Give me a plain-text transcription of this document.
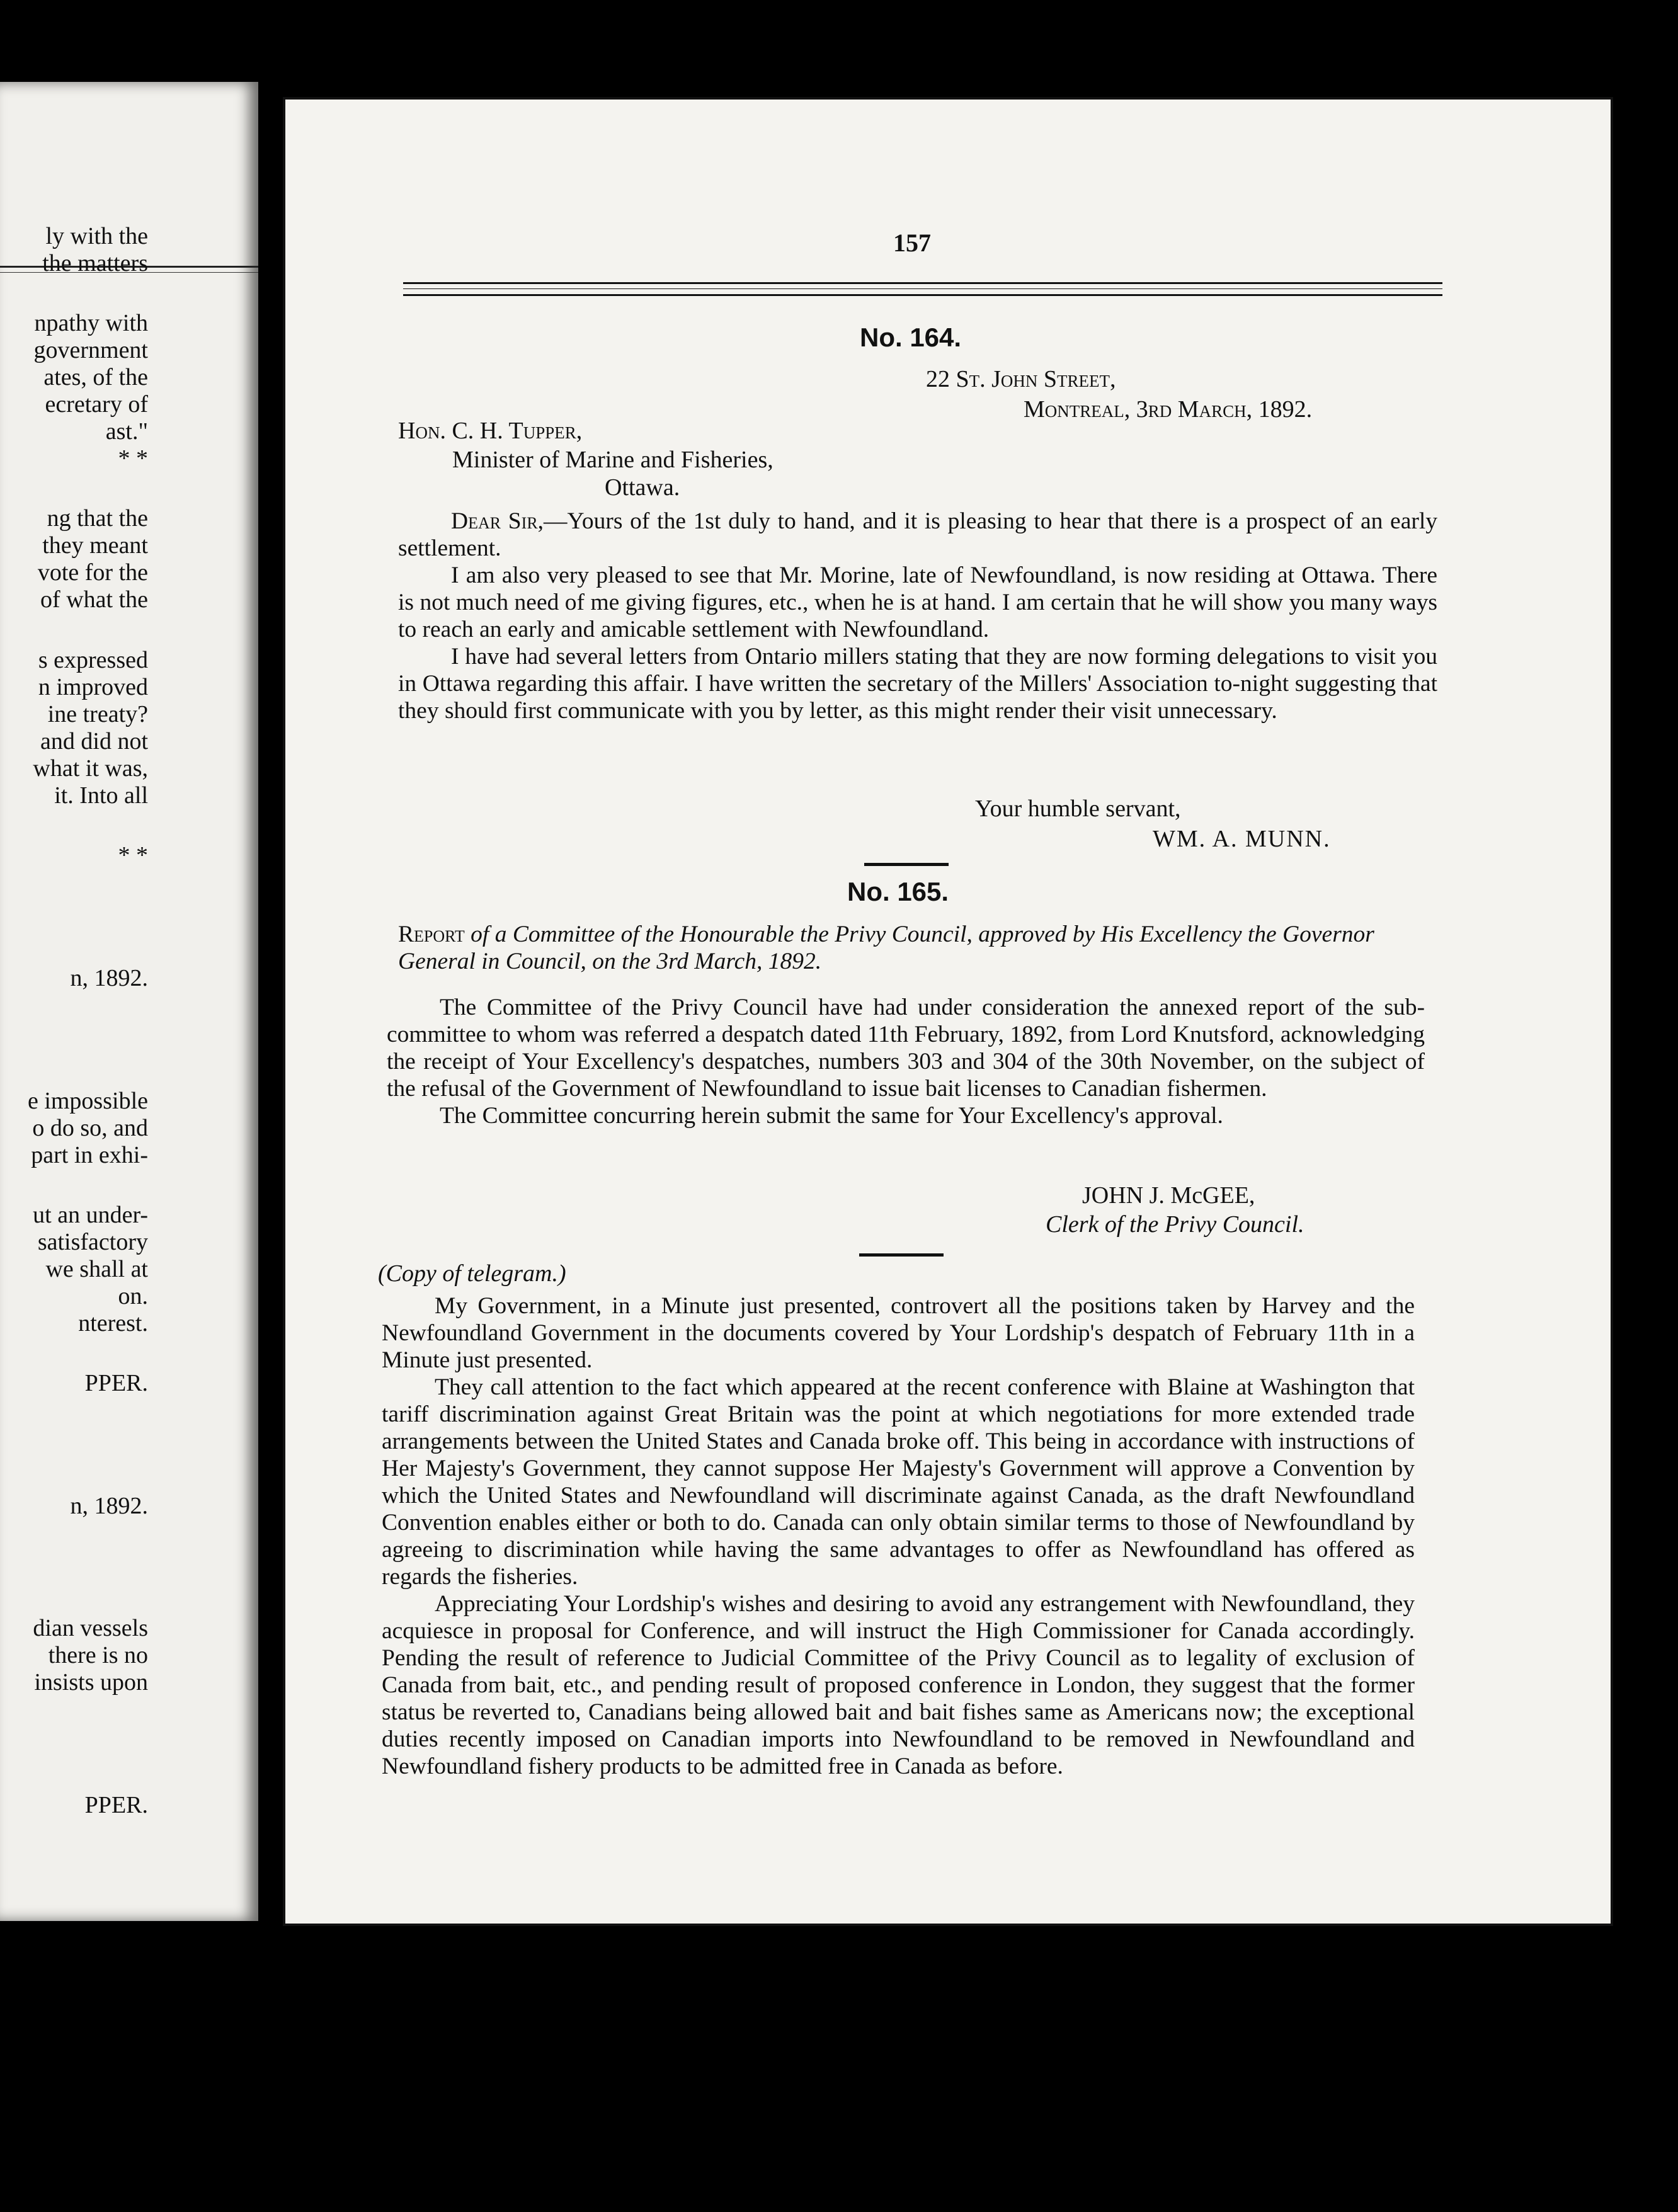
ly with the
the matters
npathy with
government
ates, of the
ecretary of
ast."
* *
ng that the
they meant
vote for the
of what the
s expressed
n improved
ine treaty?
and did not
what it was,
it. Into all
* *
n, 1892.
e impossible
o do so, and
part in exhi-
ut an under-
satisfactory
we shall at
on.
nterest.
PPER.
n, 1892.
dian vessels
there is no
insists upon
PPER.
157
No. 164.
22 St. John Street,
Montreal, 3rd March, 1892.
Hon. C. H. Tupper,
Minister of Marine and Fisheries,
Ottawa.

Dear Sir,—Yours of the 1st duly to hand, and it is pleasing to hear that there is a prospect of an early settlement.

I am also very pleased to see that Mr. Morine, late of Newfoundland, is now residing at Ottawa. There is not much need of me giving figures, etc., when he is at hand. I am certain that he will show you many ways to reach an early and amicable settlement with Newfoundland.

I have had several letters from Ontario millers stating that they are now forming delegations to visit you in Ottawa regarding this affair. I have written the secretary of the Millers' Association to-night suggesting that they should first communicate with you by letter, as this might render their visit unnecessary.

Your humble servant,
WM. A. MUNN.
No. 165.

Report of a Committee of the Honourable the Privy Council, approved by His Excellency the Governor General in Council, on the 3rd March, 1892.

The Committee of the Privy Council have had under consideration the annexed report of the sub-committee to whom was referred a despatch dated 11th February, 1892, from Lord Knutsford, acknowledging the receipt of Your Excellency's despatches, numbers 303 and 304 of the 30th November, on the subject of the refusal of the Government of Newfoundland to issue bait licenses to Canadian fishermen.

The Committee concurring herein submit the same for Your Excellency's approval.

JOHN J. McGEE,
Clerk of the Privy Council.
(Copy of telegram.)

My Government, in a Minute just presented, controvert all the positions taken by Harvey and the Newfoundland Government in the documents covered by Your Lordship's despatch of February 11th in a Minute just presented.

They call attention to the fact which appeared at the recent conference with Blaine at Washington that tariff discrimination against Great Britain was the point at which negotiations for more extended trade arrangements between the United States and Canada broke off. This being in accordance with instructions of Her Majesty's Government, they cannot suppose Her Majesty's Government will approve a Convention by which the United States and Newfoundland will discriminate against Canada, as the draft Newfoundland Convention enables either or both to do. Canada can only obtain similar terms to those of Newfoundland by agreeing to discrimination while having the same advantages to offer as Newfoundland has offered as regards the fisheries.

Appreciating Your Lordship's wishes and desiring to avoid any estrangement with Newfoundland, they acquiesce in proposal for Conference, and will instruct the High Commissioner for Canada accordingly. Pending the result of reference to Judicial Committee of the Privy Council as to legality of exclusion of Canada from bait, etc., and pending result of proposed conference in London, they suggest that the former status be reverted to, Canadians being allowed bait and bait fishes same as Americans now; the exceptional duties recently imposed on Canadian imports into Newfoundland to be removed in Newfoundland and Newfoundland fishery products to be admitted free in Canada as before.
